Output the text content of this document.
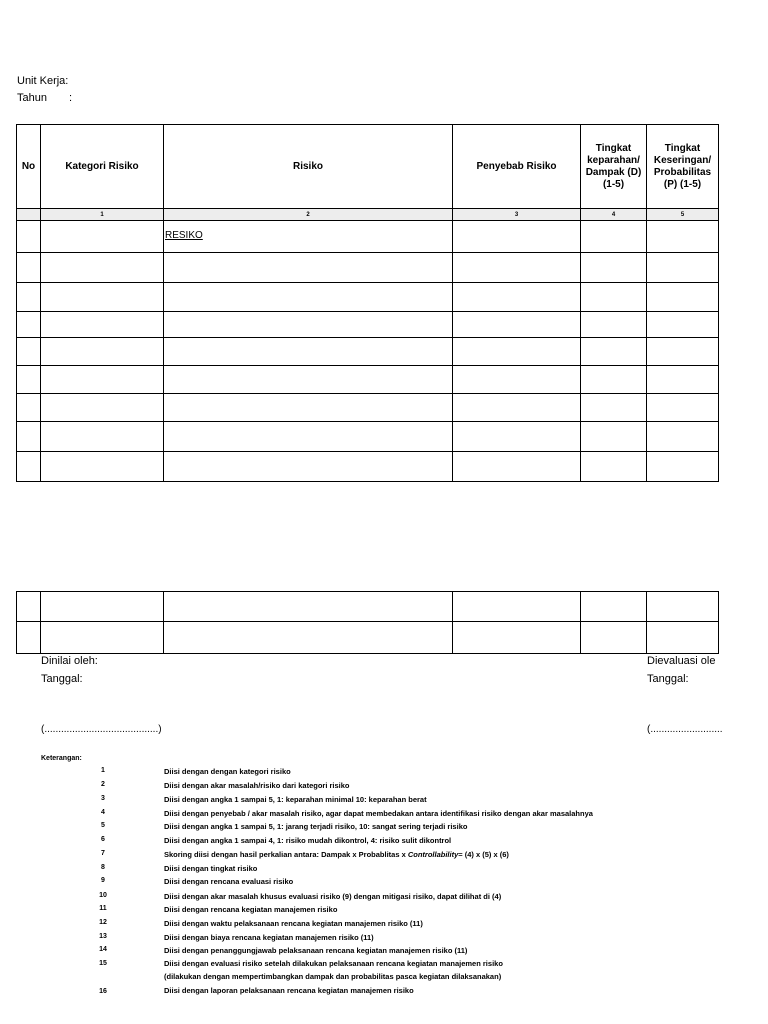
Unit Kerja:
Tahun :
No	Kategori Risiko	Risiko	Penyebab Risiko	Tingkat keparahan/ Dampak (D) (1-5)	Tingkat Keseringan/ Probabilitas (P) (1-5)
	1	2	3	4	5
		RESIKO			

Dinilai oleh:
Tanggal:
(.........................................)
Dievaluasi ole
Tanggal:
(..........................
Keterangan:
1	Diisi dengan dengan kategori risiko
2	Diisi dengan akar masalah/risiko dari kategori risiko
3	Diisi dengan angka 1 sampai 5, 1: keparahan minimal 10: keparahan berat
4	Diisi dengan penyebab / akar masalah risiko, agar dapat membedakan antara identifikasi risiko dengan akar masalahnya
5	Diisi dengan angka 1 sampai 5, 1: jarang terjadi risiko, 10: sangat sering terjadi risiko
6	Diisi dengan angka 1 sampai 4, 1: risiko mudah dikontrol, 4: risiko sulit dikontrol
7	Skoring diisi dengan hasil perkalian antara: Dampak x Probablitas x Controllability= (4) x (5) x (6)
8	Diisi dengan tingkat risiko
9	Diisi dengan rencana evaluasi risiko
10	Diisi dengan akar masalah khusus evaluasi risiko (9) dengan mitigasi risiko, dapat dilihat di (4)
11	Diisi dengan rencana kegiatan manajemen risiko
12	Diisi dengan waktu pelaksanaan rencana kegiatan manajemen risiko (11)
13	Diisi dengan biaya rencana kegiatan manajemen risiko (11)
14	Diisi dengan penanggungjawab pelaksanaan rencana kegiatan manajemen risiko (11)
15	Diisi dengan evaluasi risiko setelah dilakukan pelaksanaan rencana kegiatan manajemen risiko
(dilakukan dengan mempertimbangkan dampak dan probabilitas pasca kegiatan dilaksanakan)
16	Diisi dengan laporan pelaksanaan rencana kegiatan manajemen risiko
